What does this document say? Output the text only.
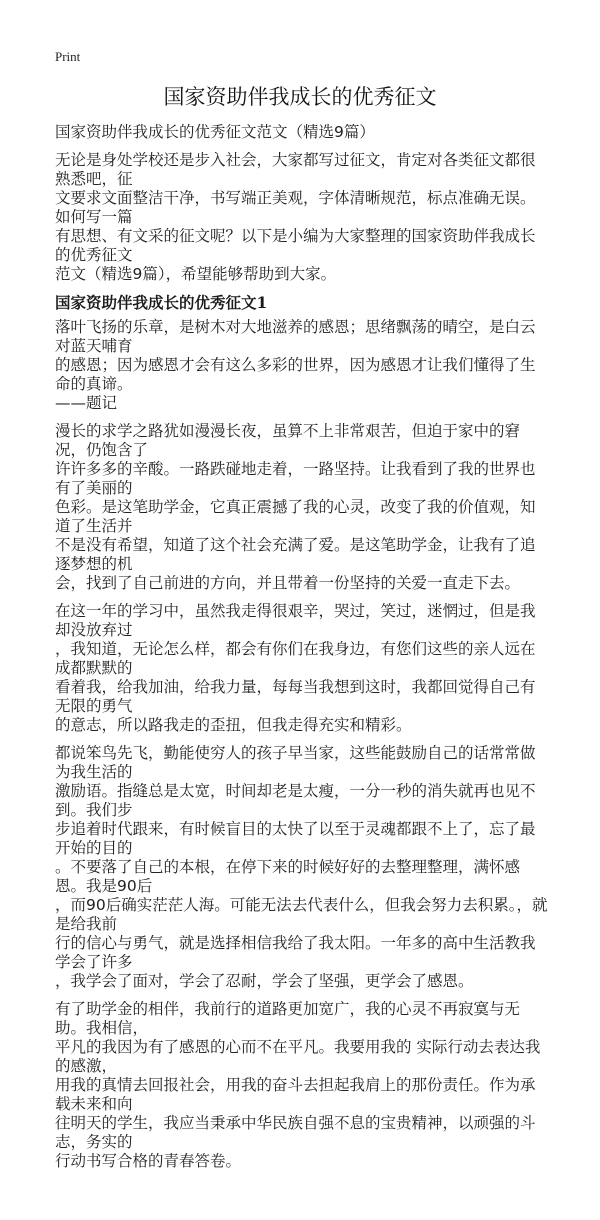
Print
国家资助伴我成长的优秀征文
国家资助伴我成长的优秀征文范文（精选9篇）
无论是身处学校还是步入社会，大家都写过征文，肯定对各类征文都很熟悉吧，征
文要求文面整洁干净，书写端正美观，字体清晰规范，标点准确无误。如何写一篇
有思想、有文采的征文呢？以下是小编为大家整理的国家资助伴我成长的优秀征文
范文（精选9篇），希望能够帮助到大家。
国家资助伴我成长的优秀征文1
落叶飞扬的乐章，是树木对大地滋养的感恩；思绪飘荡的晴空，是白云对蓝天哺育
的感恩；因为感恩才会有这么多彩的世界，因为感恩才让我们懂得了生命的真谛。
——题记
漫长的求学之路犹如漫漫长夜，虽算不上非常艰苦，但迫于家中的窘况，仍饱含了
许许多多的辛酸。一路跌碰地走着，一路坚持。让我看到了我的世界也有了美丽的
色彩。是这笔助学金，它真正震撼了我的心灵，改变了我的价值观，知道了生活并
不是没有希望，知道了这个社会充满了爱。是这笔助学金，让我有了追逐梦想的机
会，找到了自己前进的方向，并且带着一份坚持的关爱一直走下去。
在这一年的学习中，虽然我走得很艰辛，哭过，笑过，迷惘过，但是我却没放弃过
，我知道，无论怎么样，都会有你们在我身边，有您们这些的亲人远在成都默默的
看着我，给我加油，给我力量，每每当我想到这时，我都回觉得自己有无限的勇气
的意志，所以路我走的歪扭，但我走得充实和精彩。
都说笨鸟先飞，勤能使穷人的孩子早当家，这些能鼓励自己的话常常做为我生活的
激励语。指缝总是太宽，时间却老是太瘦，一分一秒的消失就再也见不到。我们步
步追着时代跟来，有时候盲目的太快了以至于灵魂都跟不上了，忘了最开始的目的
。不要落了自己的本根，在停下来的时候好好的去整理整理，满怀感恩。我是90后
，而90后确实茫茫人海。可能无法去代表什么，但我会努力去积累。，就是给我前
行的信心与勇气，就是选择相信我给了我太阳。一年多的高中生活教我学会了许多
，我学会了面对，学会了忍耐，学会了坚强，更学会了感恩。
有了助学金的相伴，我前行的道路更加宽广，我的心灵不再寂寞与无助。我相信，
平凡的我因为有了感恩的心而不在平凡。我要用我的 实际行动去表达我的感激，
用我的真情去回报社会，用我的奋斗去担起我肩上的那份责任。作为承载未来和向
往明天的学生，我应当秉承中华民族自强不息的宝贵精神，以顽强的斗志，务实的
行动书写合格的青春答卷。
